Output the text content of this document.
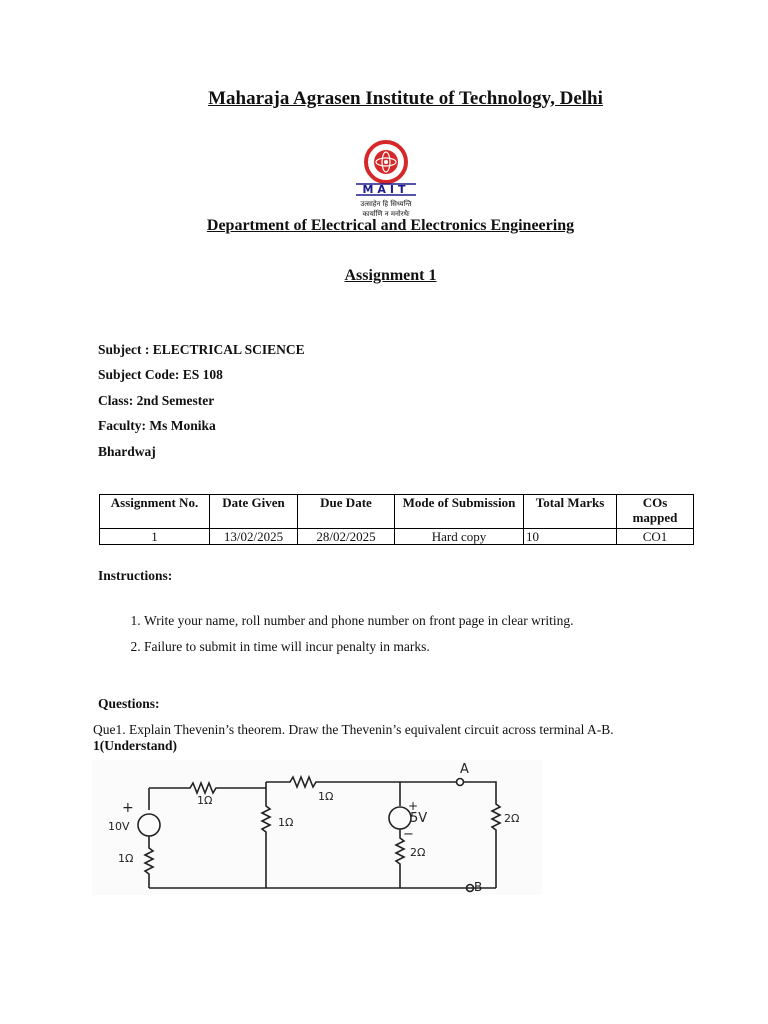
Maharaja Agrasen Institute of Technology, Delhi
MAIT
उत्साहेन हि सिध्यन्ति
कार्याणि न मनोरथैः
Department of Electrical and Electronics Engineering
Assignment 1
Subject : ELECTRICAL SCIENCE
Subject Code: ES 108
Class: 2nd Semester
Faculty: Ms Monika
Bhardwaj
Assignment No.	Date Given	Due Date	Mode of Submission	Total Marks	COs mapped
1	13/02/2025	28/02/2025	Hard copy	10	CO1
Instructions:
1. Write your name, roll number and phone number on front page in clear writing.
2. Failure to submit in time will incur penalty in marks.
Questions:
Que1. Explain Thevenin’s theorem. Draw the Thevenin’s equivalent circuit across terminal A-B.
1(Understand)
+	+
−
10V
1Ω
1Ω
1Ω
1Ω
5V
2Ω
2Ω
A
B
